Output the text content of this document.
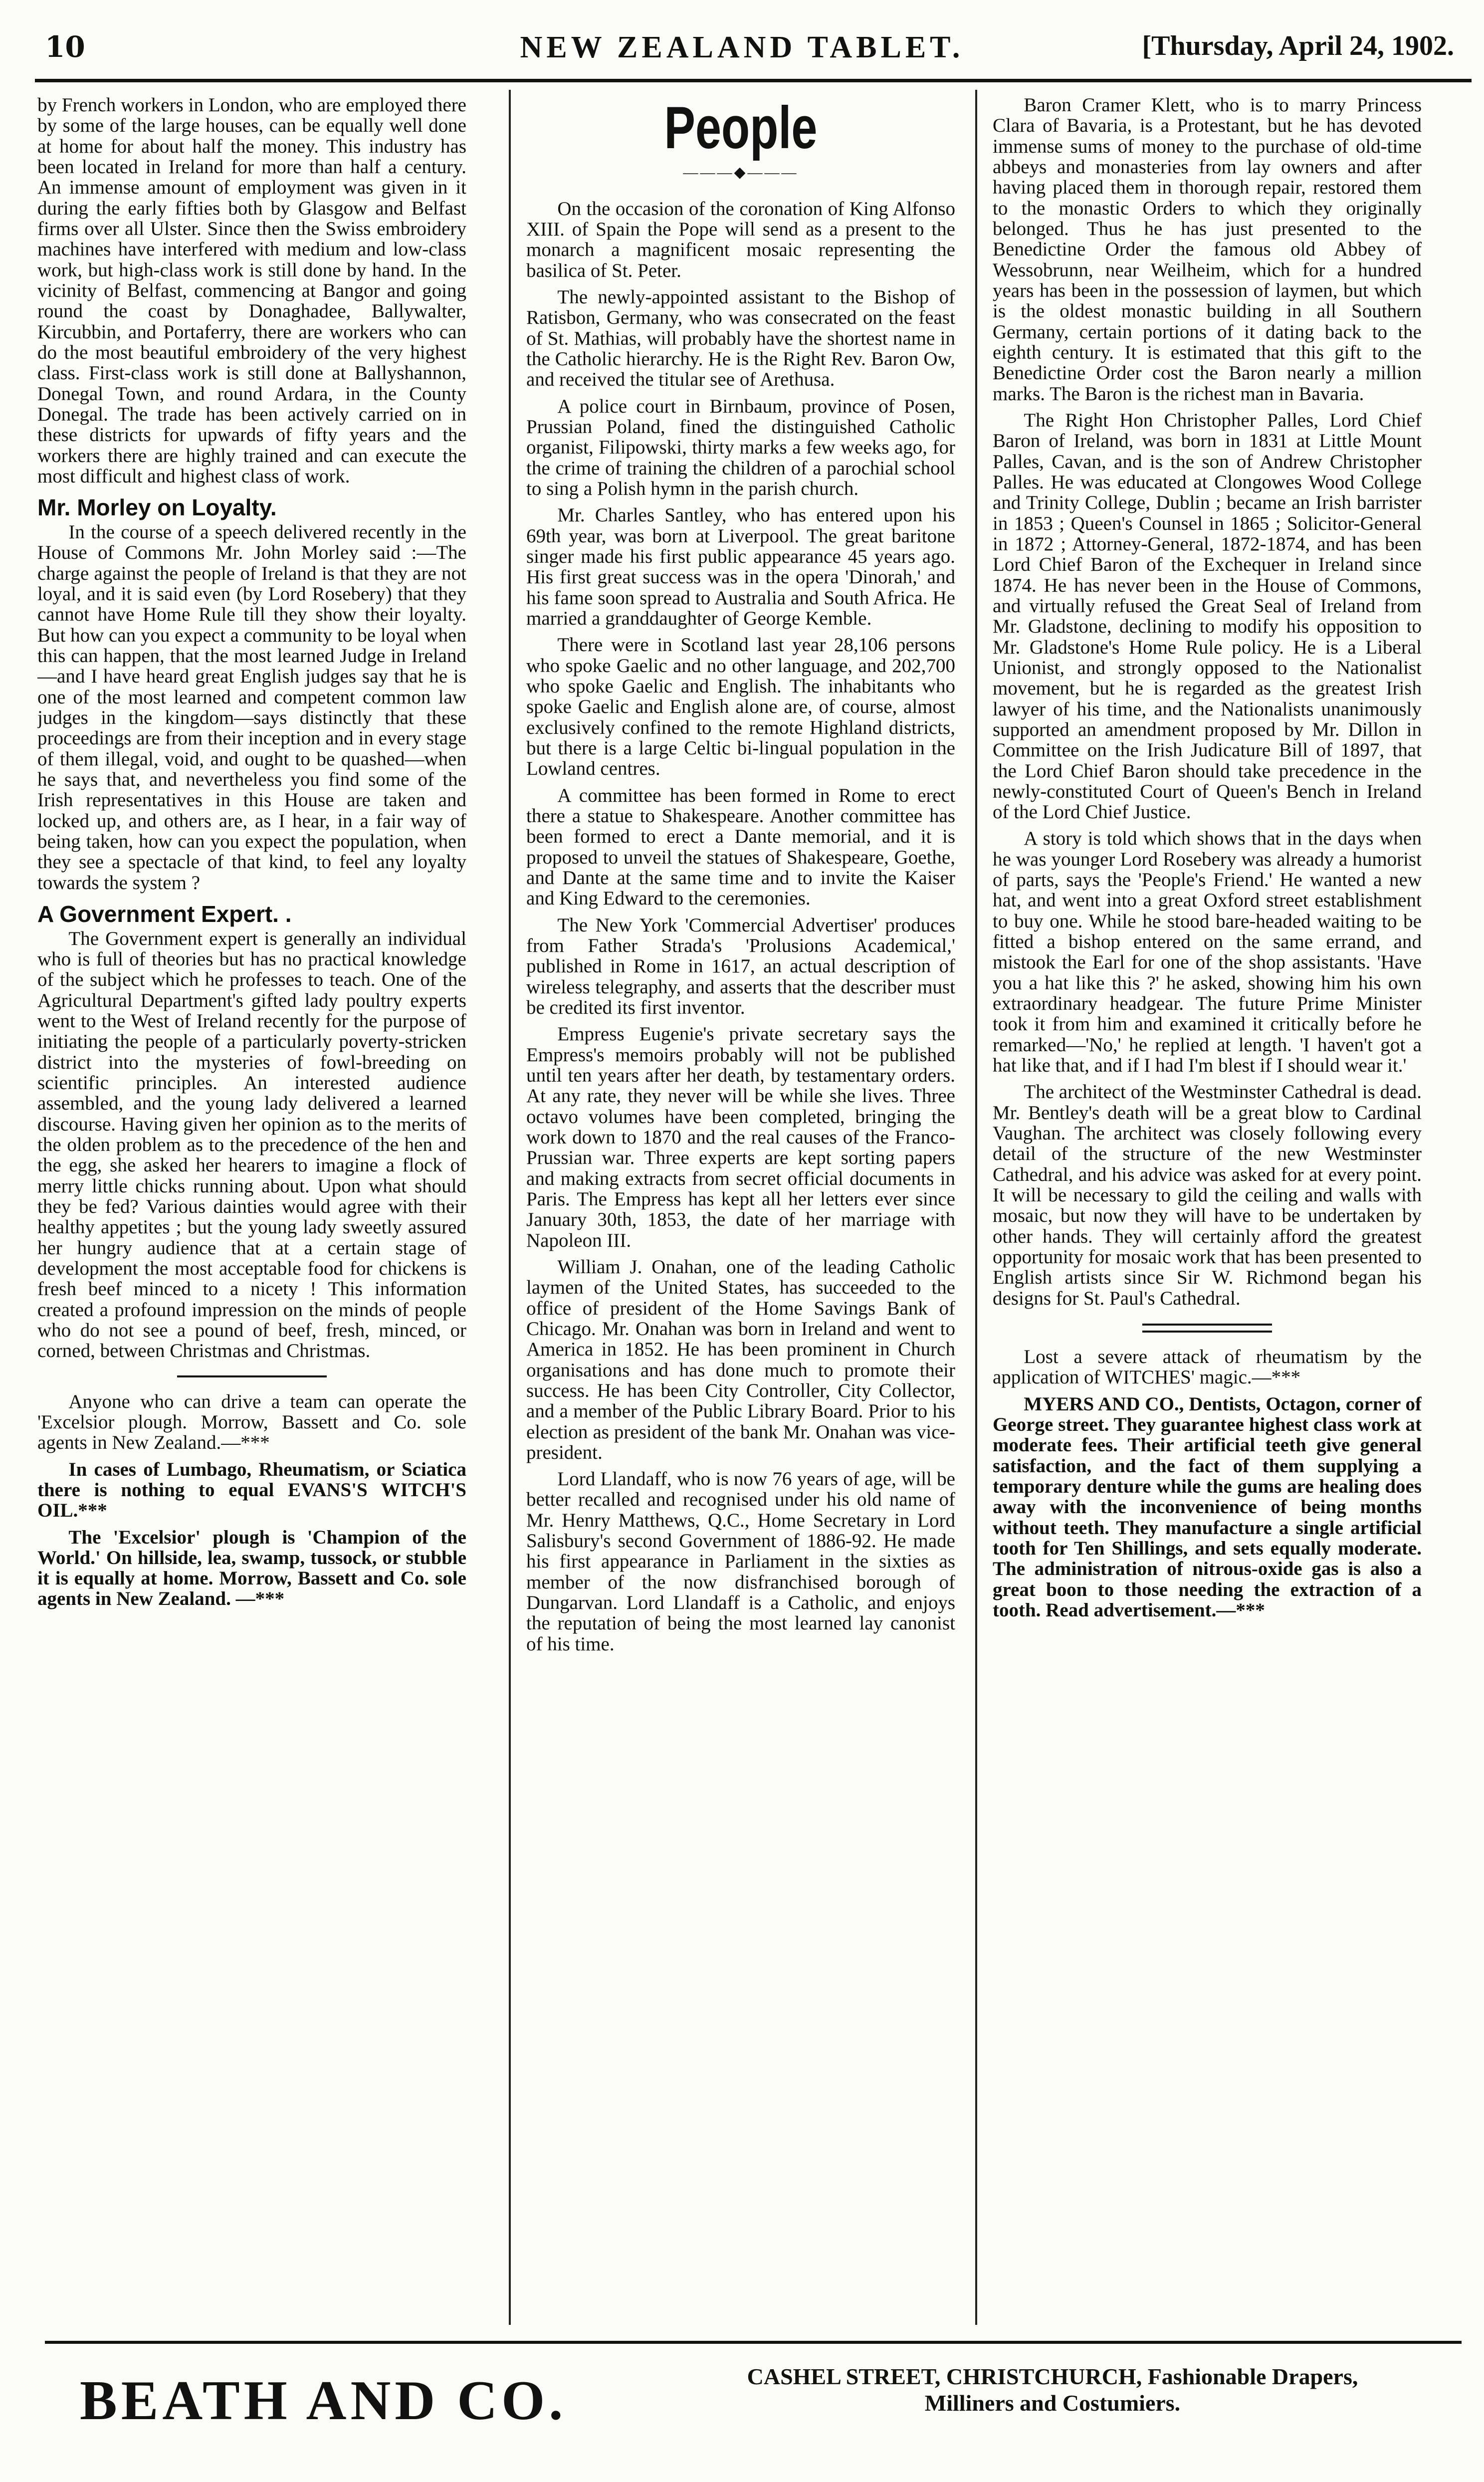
10	NEW ZEALAND TABLET.	[Thursday, April 24, 1902.

by French workers in London, who are employed there by some of the large houses, can be equally well done at home for about half the money. This industry has been located in Ireland for more than half a century. An immense amount of employment was given in it during the early fifties both by Glasgow and Belfast firms over all Ulster. Since then the Swiss embroidery machines have interfered with medium and low-class work, but high-class work is still done by hand. In the vicinity of Belfast, commencing at Bangor and going round the coast by Donaghadee, Ballywalter, Kircubbin, and Portaferry, there are workers who can do the most beautiful embroidery of the very highest class. First-class work is still done at Ballyshannon, Donegal Town, and round Ardara, in the County Donegal. The trade has been actively carried on in these districts for upwards of fifty years and the workers there are highly trained and can execute the most difficult and highest class of work.

Mr. Morley on Loyalty.

In the course of a speech delivered recently in the House of Commons Mr. John Morley said :—The charge against the people of Ireland is that they are not loyal, and it is said even (by Lord Rosebery) that they cannot have Home Rule till they show their loyalty. But how can you expect a community to be loyal when this can happen, that the most learned Judge in Ireland—and I have heard great English judges say that he is one of the most learned and competent common law judges in the kingdom—says distinctly that these proceedings are from their inception and in every stage of them illegal, void, and ought to be quashed—when he says that, and nevertheless you find some of the Irish representatives in this House are taken and locked up, and others are, as I hear, in a fair way of being taken, how can you expect the population, when they see a spectacle of that kind, to feel any loyalty towards the system ?

A Government Expert. .

The Government expert is generally an individual who is full of theories but has no practical knowledge of the subject which he professes to teach. One of the Agricultural Department's gifted lady poultry experts went to the West of Ireland recently for the purpose of initiating the people of a particularly poverty-stricken district into the mysteries of fowl-breeding on scientific principles. An interested audience assembled, and the young lady delivered a learned discourse. Having given her opinion as to the merits of the olden problem as to the precedence of the hen and the egg, she asked her hearers to imagine a flock of merry little chicks running about. Upon what should they be fed? Various dainties would agree with their healthy appetites ; but the young lady sweetly assured her hungry audience that at a certain stage of development the most acceptable food for chickens is fresh beef minced to a nicety ! This information created a profound impression on the minds of people who do not see a pound of beef, fresh, minced, or corned, between Christmas and Christmas.

Anyone who can drive a team can operate the 'Excelsior plough. Morrow, Bassett and Co. sole agents in New Zealand.—***

In cases of Lumbago, Rheumatism, or Sciatica there is nothing to equal EVANS'S WITCH'S OIL.***

The 'Excelsior' plough is 'Champion of the World.' On hillside, lea, swamp, tussock, or stubble it is equally at home. Morrow, Bassett and Co. sole agents in New Zealand. —***

People
———◆———

On the occasion of the coronation of King Alfonso XIII. of Spain the Pope will send as a present to the monarch a magnificent mosaic representing the basilica of St. Peter.

The newly-appointed assistant to the Bishop of Ratisbon, Germany, who was consecrated on the feast of St. Mathias, will probably have the shortest name in the Catholic hierarchy. He is the Right Rev. Baron Ow, and received the titular see of Arethusa.

A police court in Birnbaum, province of Posen, Prussian Poland, fined the distinguished Catholic organist, Filipowski, thirty marks a few weeks ago, for the crime of training the children of a parochial school to sing a Polish hymn in the parish church.

Mr. Charles Santley, who has entered upon his 69th year, was born at Liverpool. The great baritone singer made his first public appearance 45 years ago. His first great success was in the opera 'Dinorah,' and his fame soon spread to Australia and South Africa. He married a granddaughter of George Kemble.

There were in Scotland last year 28,106 persons who spoke Gaelic and no other language, and 202,700 who spoke Gaelic and English. The inhabitants who spoke Gaelic and English alone are, of course, almost exclusively confined to the remote Highland districts, but there is a large Celtic bi-lingual population in the Lowland centres.

A committee has been formed in Rome to erect there a statue to Shakespeare. Another committee has been formed to erect a Dante memorial, and it is proposed to unveil the statues of Shakespeare, Goethe, and Dante at the same time and to invite the Kaiser and King Edward to the ceremonies.

The New York 'Commercial Advertiser' produces from Father Strada's 'Prolusions Academical,' published in Rome in 1617, an actual description of wireless telegraphy, and asserts that the describer must be credited its first inventor.

Empress Eugenie's private secretary says the Empress's memoirs probably will not be published until ten years after her death, by testamentary orders. At any rate, they never will be while she lives. Three octavo volumes have been completed, bringing the work down to 1870 and the real causes of the Franco-Prussian war. Three experts are kept sorting papers and making extracts from secret official documents in Paris. The Empress has kept all her letters ever since January 30th, 1853, the date of her marriage with Napoleon III.

William J. Onahan, one of the leading Catholic laymen of the United States, has succeeded to the office of president of the Home Savings Bank of Chicago. Mr. Onahan was born in Ireland and went to America in 1852. He has been prominent in Church organisations and has done much to promote their success. He has been City Controller, City Collector, and a member of the Public Library Board. Prior to his election as president of the bank Mr. Onahan was vice-president.

Lord Llandaff, who is now 76 years of age, will be better recalled and recognised under his old name of Mr. Henry Matthews, Q.C., Home Secretary in Lord Salisbury's second Government of 1886-92. He made his first appearance in Parliament in the sixties as member of the now disfranchised borough of Dungarvan. Lord Llandaff is a Catholic, and enjoys the reputation of being the most learned lay canonist of his time.

Baron Cramer Klett, who is to marry Princess Clara of Bavaria, is a Protestant, but he has devoted immense sums of money to the purchase of old-time abbeys and monasteries from lay owners and after having placed them in thorough repair, restored them to the monastic Orders to which they originally belonged. Thus he has just presented to the Benedictine Order the famous old Abbey of Wessobrunn, near Weilheim, which for a hundred years has been in the possession of laymen, but which is the oldest monastic building in all Southern Germany, certain portions of it dating back to the eighth century. It is estimated that this gift to the Benedictine Order cost the Baron nearly a million marks. The Baron is the richest man in Bavaria.

The Right Hon Christopher Palles, Lord Chief Baron of Ireland, was born in 1831 at Little Mount Palles, Cavan, and is the son of Andrew Christopher Palles. He was educated at Clongowes Wood College and Trinity College, Dublin ; became an Irish barrister in 1853 ; Queen's Counsel in 1865 ; Solicitor-General in 1872 ; Attorney-General, 1872-1874, and has been Lord Chief Baron of the Exchequer in Ireland since 1874. He has never been in the House of Commons, and virtually refused the Great Seal of Ireland from Mr. Gladstone, declining to modify his opposition to Mr. Gladstone's Home Rule policy. He is a Liberal Unionist, and strongly opposed to the Nationalist movement, but he is regarded as the greatest Irish lawyer of his time, and the Nationalists unanimously supported an amendment proposed by Mr. Dillon in Committee on the Irish Judicature Bill of 1897, that the Lord Chief Baron should take precedence in the newly-constituted Court of Queen's Bench in Ireland of the Lord Chief Justice.

A story is told which shows that in the days when he was younger Lord Rosebery was already a humorist of parts, says the 'People's Friend.' He wanted a new hat, and went into a great Oxford street establishment to buy one. While he stood bare-headed waiting to be fitted a bishop entered on the same errand, and mistook the Earl for one of the shop assistants. 'Have you a hat like this ?' he asked, showing him his own extraordinary headgear. The future Prime Minister took it from him and examined it critically before he remarked—'No,' he replied at length. 'I haven't got a hat like that, and if I had I'm blest if I should wear it.'

The architect of the Westminster Cathedral is dead. Mr. Bentley's death will be a great blow to Cardinal Vaughan. The architect was closely following every detail of the structure of the new Westminster Cathedral, and his advice was asked for at every point. It will be necessary to gild the ceiling and walls with mosaic, but now they will have to be undertaken by other hands. They will certainly afford the greatest opportunity for mosaic work that has been presented to English artists since Sir W. Richmond began his designs for St. Paul's Cathedral.

Lost a severe attack of rheumatism by the application of WITCHES' magic.—***

MYERS AND CO., Dentists, Octagon, corner of George street. They guarantee highest class work at moderate fees. Their artificial teeth give general satisfaction, and the fact of them supplying a temporary denture while the gums are healing does away with the inconvenience of being months without teeth. They manufacture a single artificial tooth for Ten Shillings, and sets equally moderate. The administration of nitrous-oxide gas is also a great boon to those needing the extraction of a tooth. Read advertisement.—***

BEATH AND CO.	CASHEL STREET, CHRISTCHURCH, Fashionable Drapers,
Milliners and Costumiers.
